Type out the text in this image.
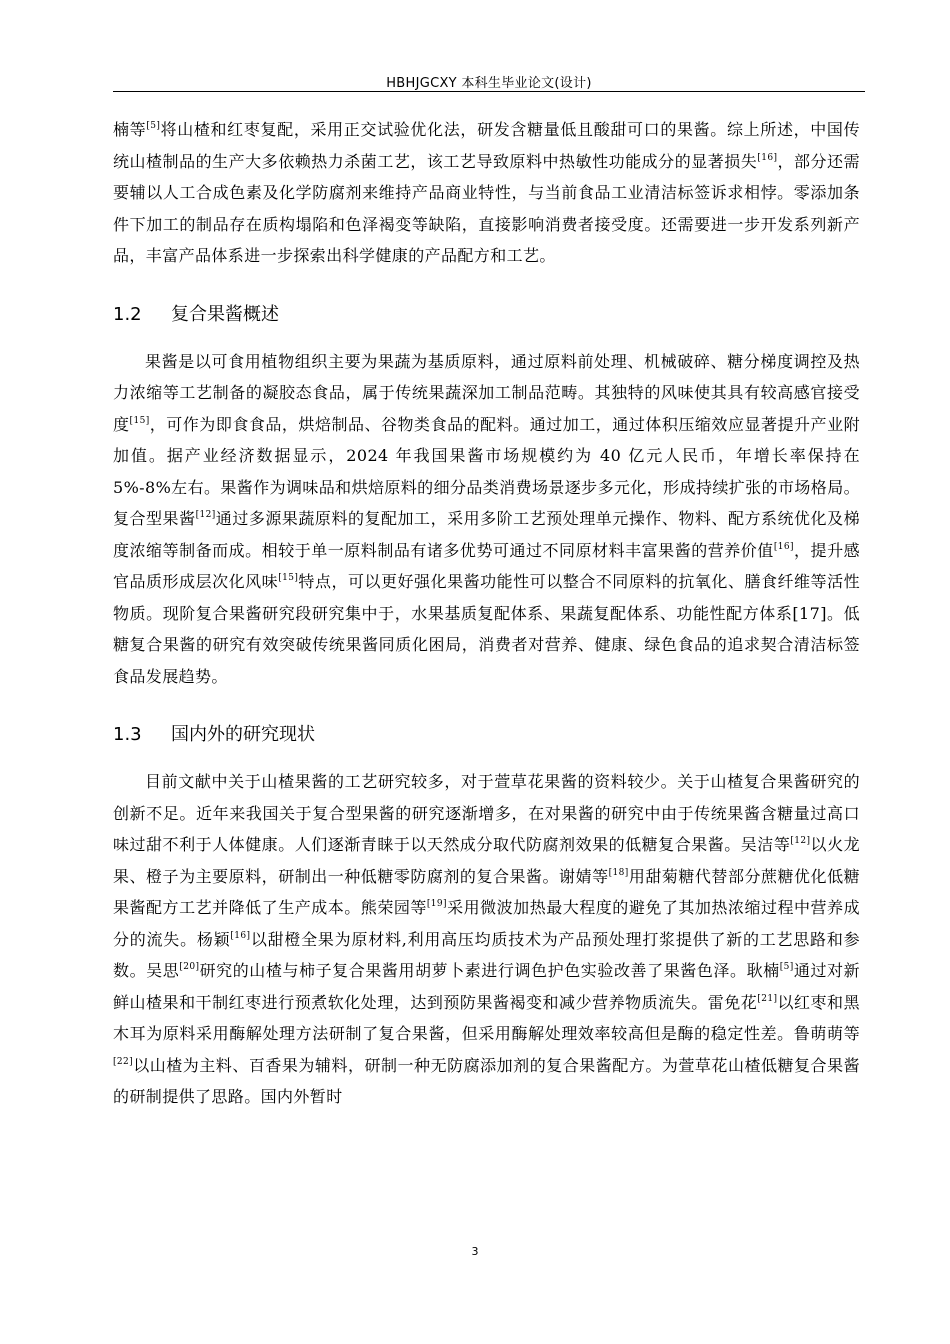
HBHJGCXY 本科生毕业论文(设计)

楠等[5]将山楂和红枣复配，采用正交试验优化法，研发含糖量低且酸甜可口的果酱。综上所述，中国传统山楂制品的生产大多依赖热力杀菌工艺，该工艺导致原料中热敏性功能成分的显著损失[16]，部分还需要辅以人工合成色素及化学防腐剂来维持产品商业特性，与当前食品工业清洁标签诉求相悖。零添加条件下加工的制品存在质构塌陷和色泽褐变等缺陷，直接影响消费者接受度。还需要进一步开发系列新产品，丰富产品体系进一步探索出科学健康的产品配方和工艺。

1.2 复合果酱概述

果酱是以可食用植物组织主要为果蔬为基质原料，通过原料前处理、机械破碎、糖分梯度调控及热力浓缩等工艺制备的凝胶态食品，属于传统果蔬深加工制品范畴。其独特的风味使其具有较高感官接受度[15]，可作为即食食品，烘焙制品、谷物类食品的配料。通过加工，通过体积压缩效应显著提升产业附加值。据产业经济数据显示，2024 年我国果酱市场规模约为 40 亿元人民币，年增长率保持在 5%-8%左右。果酱作为调味品和烘焙原料的细分品类消费场景逐步多元化，形成持续扩张的市场格局。复合型果酱[12]通过多源果蔬原料的复配加工，采用多阶工艺预处理单元操作、物料、配方系统优化及梯度浓缩等制备而成。相较于单一原料制品有诸多优势可通过不同原材料丰富果酱的营养价值[16]，提升感官品质形成层次化风味[15]特点，可以更好强化果酱功能性可以整合不同原料的抗氧化、膳食纤维等活性物质。现阶复合果酱研究段研究集中于，水果基质复配体系、果蔬复配体系、功能性配方体系[17]。低糖复合果酱的研究有效突破传统果酱同质化困局，消费者对营养、健康、绿色食品的追求契合清洁标签食品发展趋势。

1.3 国内外的研究现状

目前文献中关于山楂果酱的工艺研究较多，对于萱草花果酱的资料较少。关于山楂复合果酱研究的创新不足。近年来我国关于复合型果酱的研究逐渐增多，在对果酱的研究中由于传统果酱含糖量过高口味过甜不利于人体健康。人们逐渐青睐于以天然成分取代防腐剂效果的低糖复合果酱。吴洁等[12]以火龙果、橙子为主要原料，研制出一种低糖零防腐剂的复合果酱。谢婧等[18]用甜菊糖代替部分蔗糖优化低糖果酱配方工艺并降低了生产成本。熊荣园等[19]采用微波加热最大程度的避免了其加热浓缩过程中营养成分的流失。杨颖[16]以甜橙全果为原材料,利用高压均质技术为产品预处理打浆提供了新的工艺思路和参数。吴思[20]研究的山楂与柿子复合果酱用胡萝卜素进行调色护色实验改善了果酱色泽。耿楠[5]通过对新鲜山楂果和干制红枣进行预煮软化处理，达到预防果酱褐变和减少营养物质流失。雷免花[21]以红枣和黑木耳为原料采用酶解处理方法研制了复合果酱，但采用酶解处理效率较高但是酶的稳定性差。鲁萌萌等[22]以山楂为主料、百香果为辅料，研制一种无防腐添加剂的复合果酱配方。为萱草花山楂低糖复合果酱的研制提供了思路。国内外暂时

3
